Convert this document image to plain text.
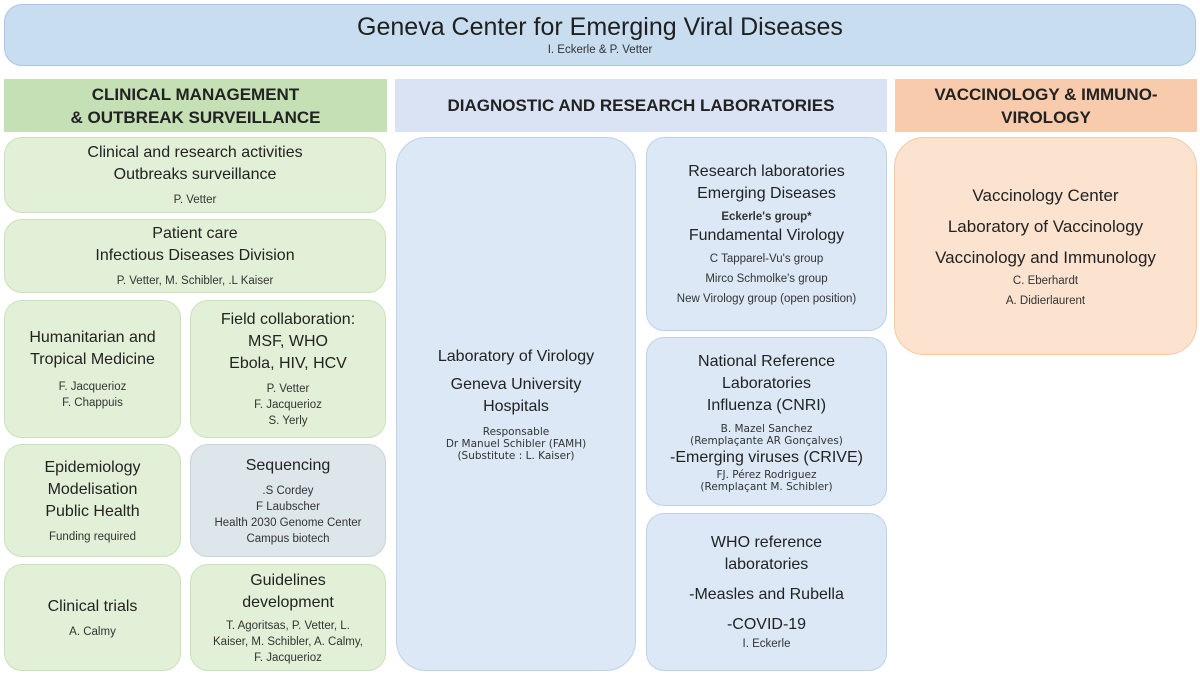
Geneva Center for Emerging Viral Diseases
I. Eckerle & P. Vetter
CLINICAL MANAGEMENT
& OUTBREAK SURVEILLANCE
DIAGNOSTIC AND RESEARCH LABORATORIES
VACCINOLOGY & IMMUNO-
VIROLOGY
Clinical and research activities
Outbreaks surveillance
P. Vetter
Patient care
Infectious Diseases Division
P. Vetter, M. Schibler, .L Kaiser
Humanitarian and
Tropical Medicine
F. Jacquerioz
F. Chappuis
Field collaboration:
MSF, WHO
Ebola, HIV, HCV
P. Vetter
F. Jacquerioz
S. Yerly
Epidemiology
Modelisation
Public Health
Funding required
Sequencing
.S Cordey
F Laubscher
Health 2030 Genome Center
Campus biotech
Clinical trials
A. Calmy
Guidelines
development
T. Agoritsas, P. Vetter, L.
Kaiser, M. Schibler, A. Calmy,
F. Jacquerioz
Laboratory of Virology
Geneva University
Hospitals
Responsable
Dr Manuel Schibler (FAMH)
(Substitute : L. Kaiser)
Research laboratories
Emerging Diseases
Eckerle's group*
Fundamental Virology
C Tapparel-Vu's group
Mirco Schmolke's group
New Virology group (open position)
National Reference
Laboratories
Influenza (CNRI)
B. Mazel Sanchez
(Remplaçante AR Gonçalves)
-Emerging viruses (CRIVE)
FJ. Pérez Rodriguez
(Remplaçant M. Schibler)
WHO reference
laboratories
-Measles and Rubella
-COVID-19
I. Eckerle
Vaccinology Center
Laboratory of Vaccinology
Vaccinology and Immunology
C. Eberhardt
A. Didierlaurent
